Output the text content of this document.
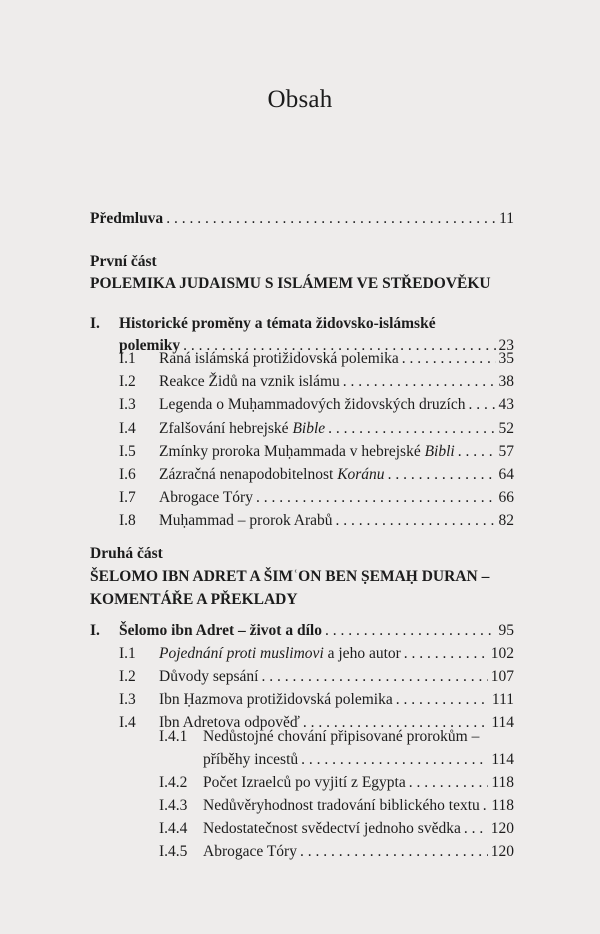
Obsah
Předmluva . . .	11
První část
POLEMIKA JUDAISMU S ISLÁMEM VE STŘEDOVĚKU
I.	Historické proměny a témata židovsko-islámské
polemiky . . .	23
I.1	Raná islámská protižidovská polemika . . .	35
I.2	Reakce Židů na vznik islámu . . .	38
I.3	Legenda o Muḥammadových židovských druzích . . . 43
I.4	Zfalšování hebrejské Bible . . .	52
I.5	Zmínky proroka Muḥammada v hebrejské Bibli . . .	57
I.6	Zázračná nenapodobitelnost Koránu . . .	64
I.7	Abrogace Tóry . . .	66
I.8	Muḥammad – prorok Arabů . . .	82
Druhá část
ŠELOMO IBN ADRET A ŠIMʿON BEN ṢEMAḤ DURAN –
KOMENTÁŘE A PŘEKLADY
I.	Šelomo ibn Adret – život a dílo . . .	95
I.1	Pojednání proti muslimovi a jeho autor . . .	102
I.2	Důvody sepsání . . .	107
I.3	Ibn Ḥazmova protižidovská polemika . . .	111
I.4	Ibn Adretova odpověď . . .	114
I.4.1	Nedůstojné chování připisované prorokům –
příběhy incestů . . .	114
I.4.2	Počet Izraelců po vyjití z Egypta . . .	118
I.4.3	Nedůvěryhodnost tradování biblického textu . . . 118
I.4.4	Nedostatečnost svědectví jednoho svědka . . . 120
I.4.5	Abrogace Tóry . . .	120
